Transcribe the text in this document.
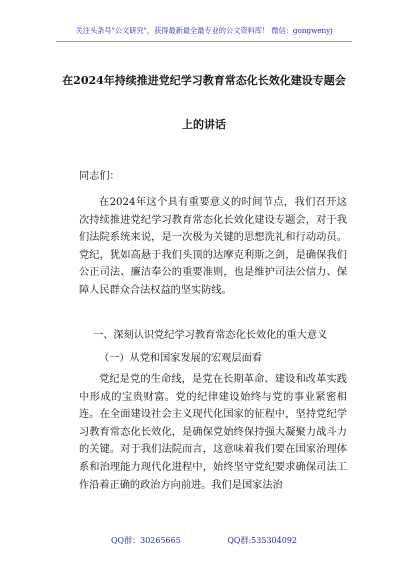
关注头条号"公文研究"，获得最新最全最专业的公文资料库！ 微信：gongwenyj
在2024年持续推进党纪学习教育常态化长效化建设专题会
上的讲话
同志们：
在2024年这个具有重要意义的时间节点，我们召开这次持续推进党纪学习教育常态化长效化建设专题会，对于我们法院系统来说，是一次极为关键的思想洗礼和行动动员。党纪，犹如高悬于我们头顶的达摩克利斯之剑，是确保我们公正司法、廉洁奉公的重要准则，也是维护司法公信力、保障人民群众合法权益的坚实防线。
一、深刻认识党纪学习教育常态化长效化的重大意义
（一）从党和国家发展的宏观层面看
党纪是党的生命线，是党在长期革命、建设和改革实践中形成的宝贵财富。党的纪律建设始终与党的事业紧密相连。在全面建设社会主义现代化国家的征程中，坚持党纪学习教育常态化长效化，是确保党始终保持强大凝聚力战斗力的关键。对于我们法院而言，这意味着我们要在国家治理体系和治理能力现代化进程中，始终坚守党纪要求确保司法工作沿着正确的政治方向前进。我们是国家法治
QQ群：30265665	QQ群:535304092
